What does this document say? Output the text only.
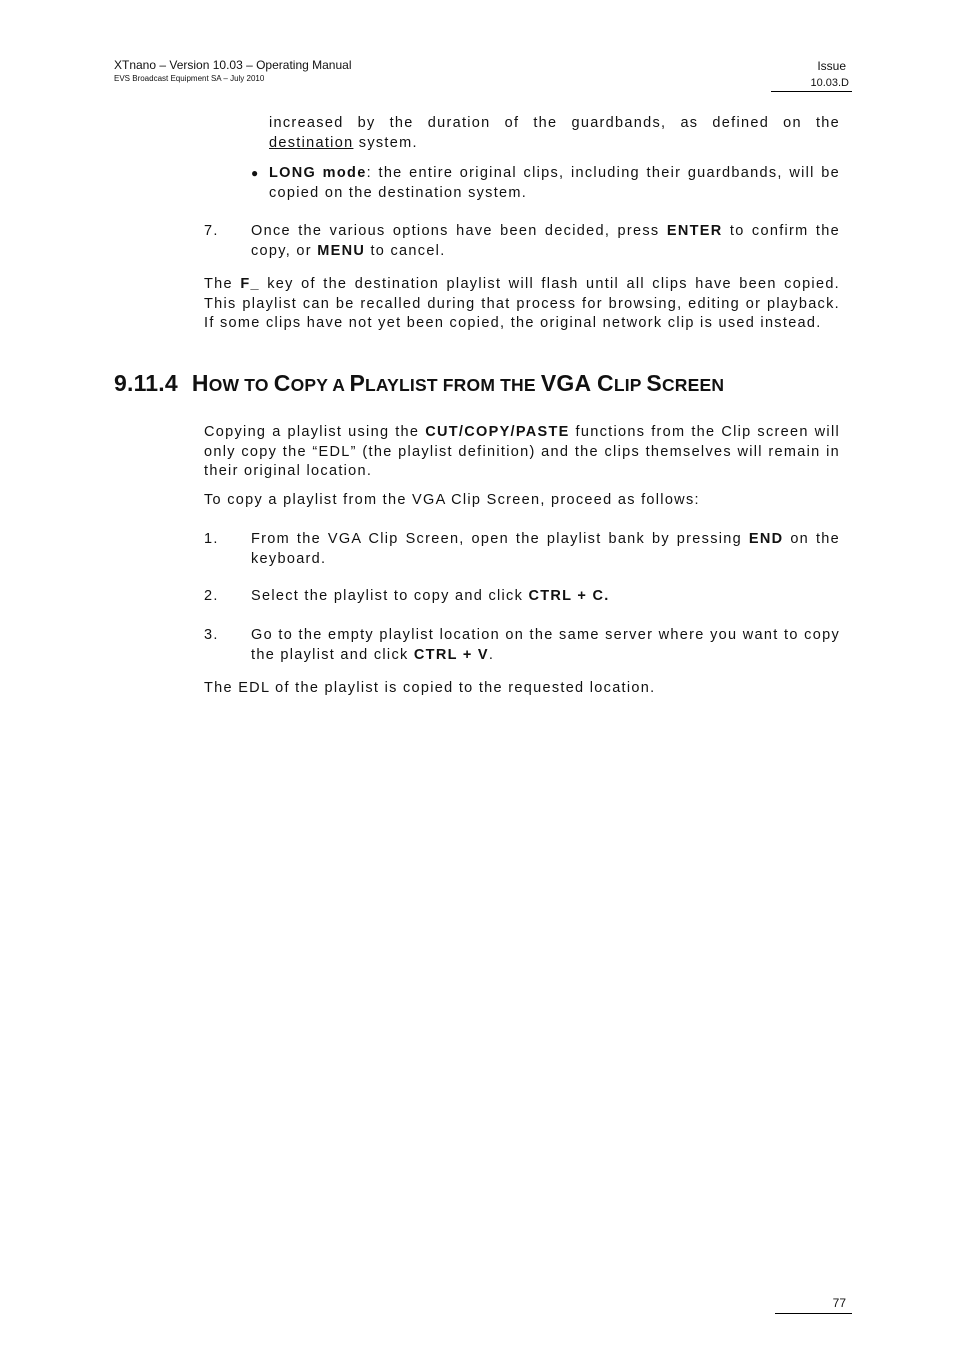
XTnano – Version 10.03 – Operating Manual
EVS Broadcast Equipment SA – July 2010
Issue
10.03.D
increased by the duration of the guardbands, as defined on the destination system.
● LONG mode: the entire original clips, including their guardbands, will be copied on the destination system.
7.	Once the various options have been decided, press ENTER to confirm the copy, or MENU to cancel.
The F_ key of the destination playlist will flash until all clips have been copied. This playlist can be recalled during that process for browsing, editing or playback. If some clips have not yet been copied, the original network clip is used instead.
9.11.4 HOW TO COPY A PLAYLIST FROM THE VGA CLIP SCREEN
Copying a playlist using the CUT/COPY/PASTE functions from the Clip screen will only copy the “EDL” (the playlist definition) and the clips themselves will remain in their original location.
To copy a playlist from the VGA Clip Screen, proceed as follows:
1.	From the VGA Clip Screen, open the playlist bank by pressing END on the keyboard.
2.	Select the playlist to copy and click CTRL + C.
3.	Go to the empty playlist location on the same server where you want to copy the playlist and click CTRL + V.
The EDL of the playlist is copied to the requested location.
77
